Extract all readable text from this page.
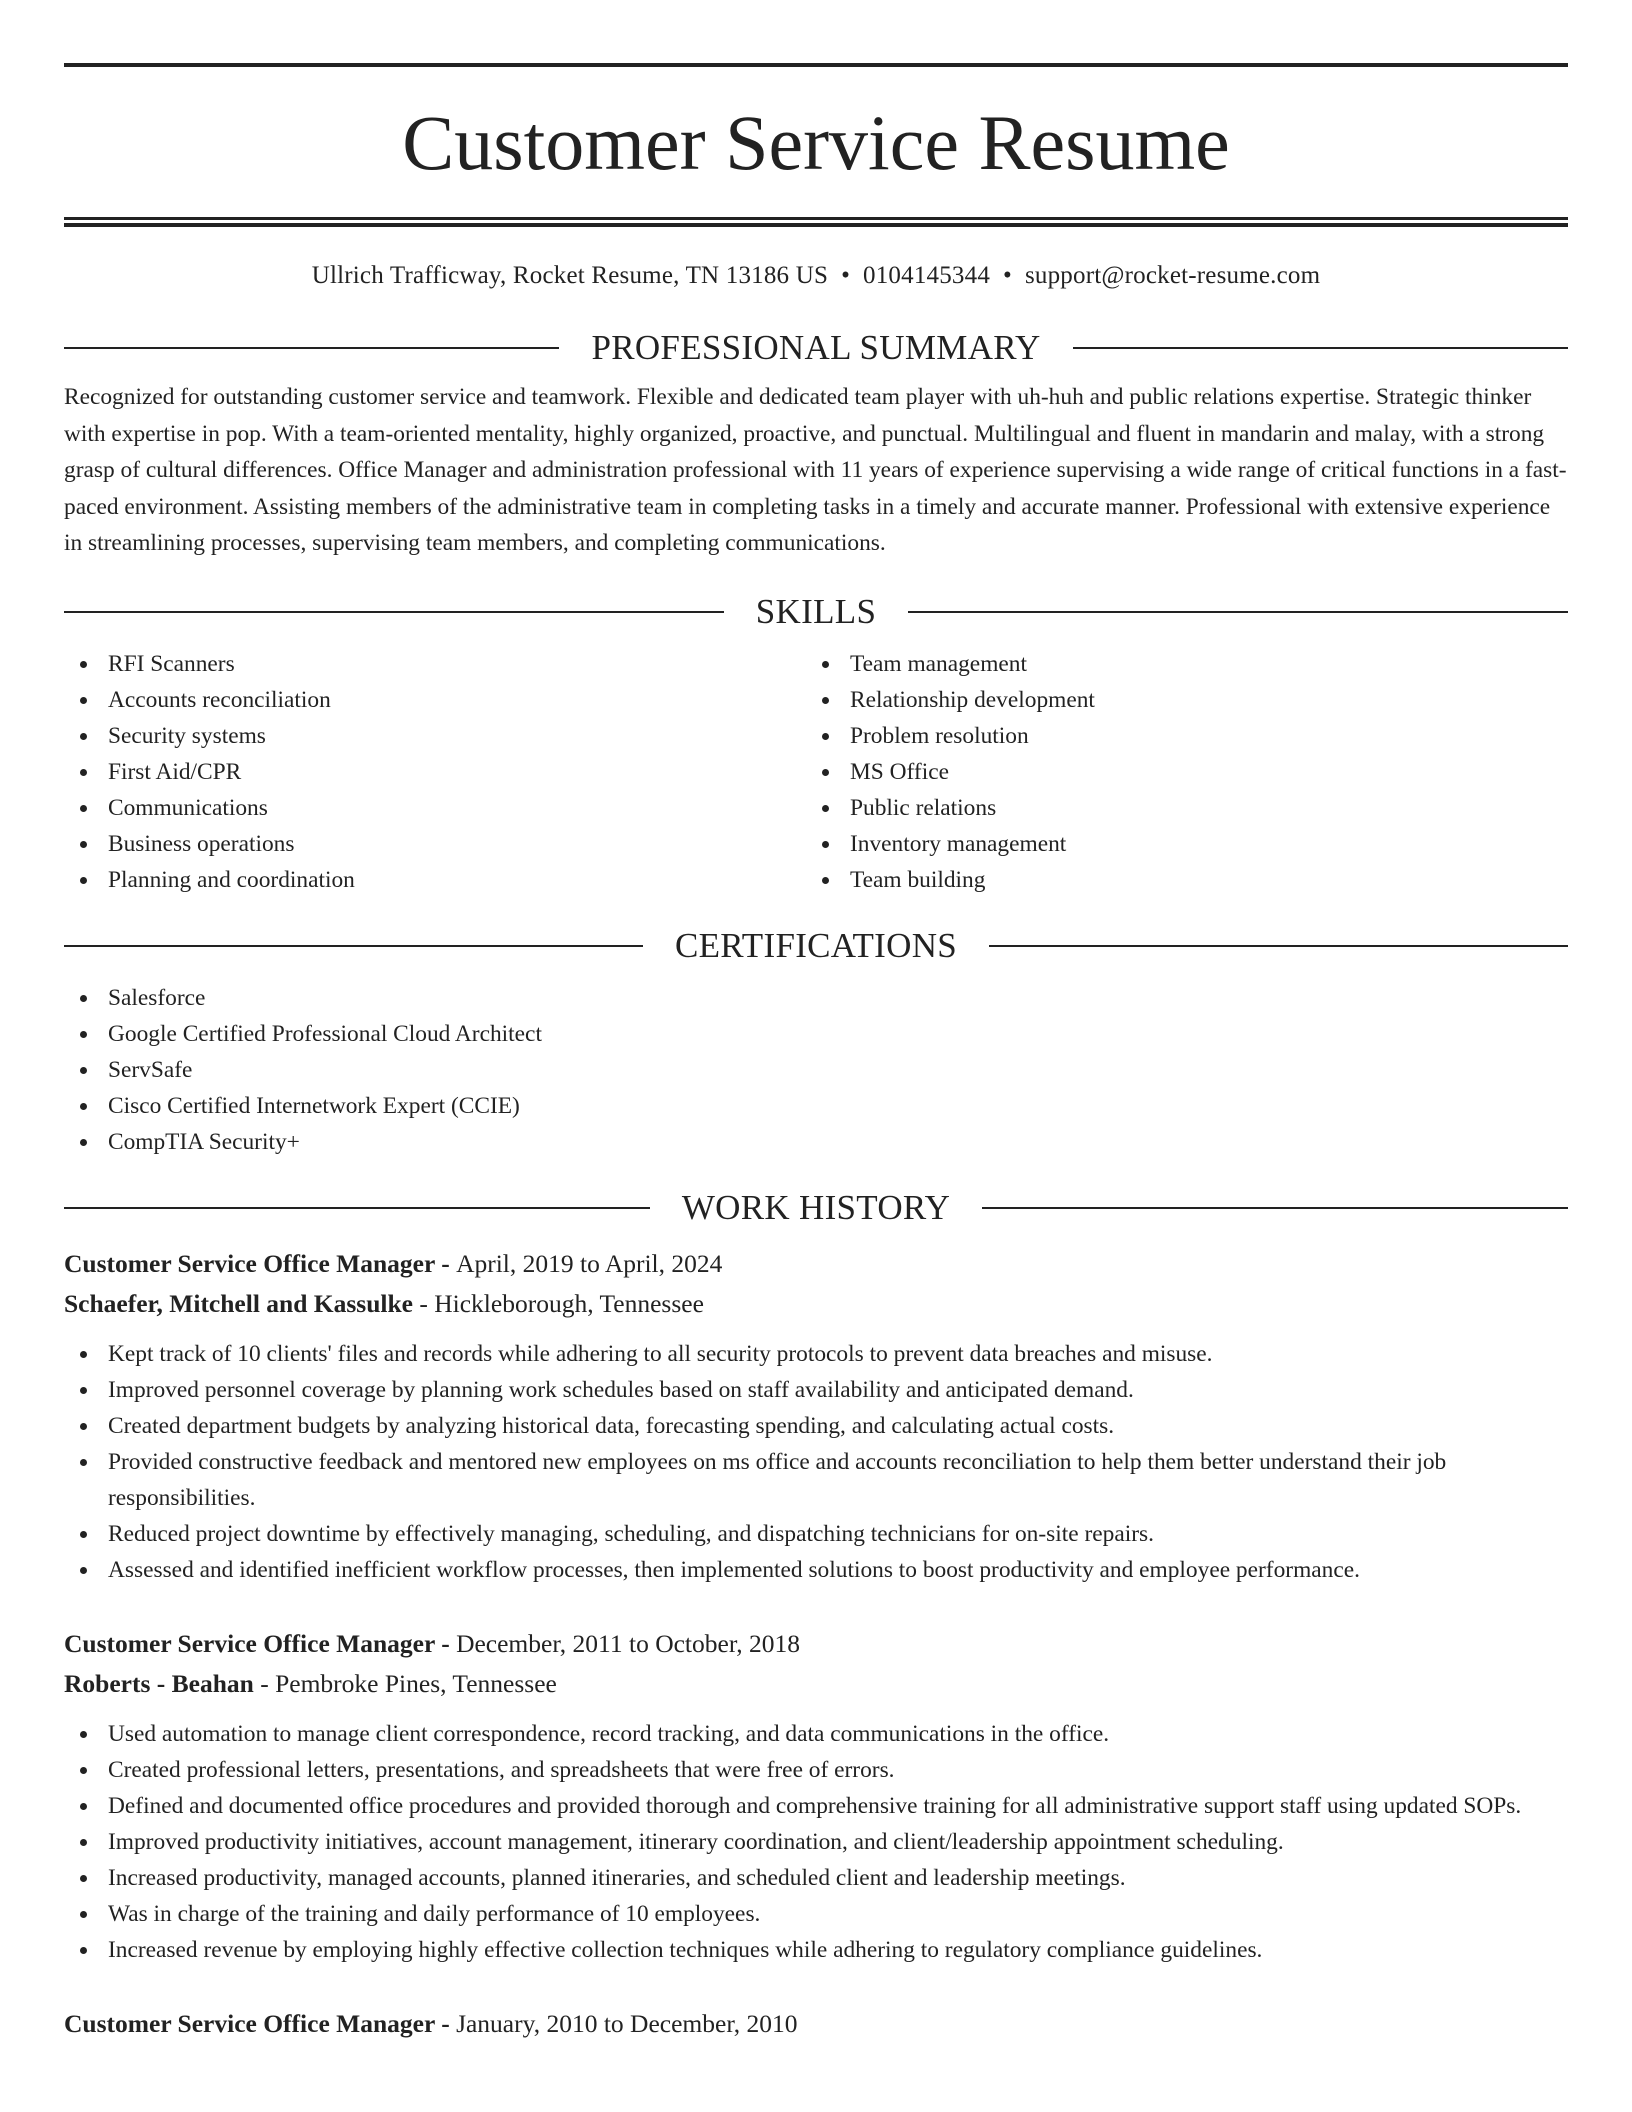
Customer Service Resume
Ullrich Trafficway, Rocket Resume, TN 13186 US • 0104145344 • support@rocket-resume.com
PROFESSIONAL SUMMARY

Recognized for outstanding customer service and teamwork. Flexible and dedicated team player with uh-huh and public relations expertise. Strategic thinker with expertise in pop. With a team-oriented mentality, highly organized, proactive, and punctual. Multilingual and fluent in mandarin and malay, with a strong grasp of cultural differences. Office Manager and administration professional with 11 years of experience supervising a wide range of critical functions in a fast-paced environment. Assisting members of the administrative team in completing tasks in a timely and accurate manner. Professional with extensive experience in streamlining processes, supervising team members, and completing communications.

SKILLS
RFI Scanners
Accounts reconciliation
Security systems
First Aid/CPR
Communications
Business operations
Planning and coordination
Team management
Relationship development
Problem resolution
MS Office
Public relations
Inventory management
Team building
CERTIFICATIONS
Salesforce
Google Certified Professional Cloud Architect
ServSafe
Cisco Certified Internetwork Expert (CCIE)
CompTIA Security+
WORK HISTORY
Customer Service Office Manager - April, 2019 to April, 2024
Schaefer, Mitchell and Kassulke - Hickleborough, Tennessee
Kept track of 10 clients' files and records while adhering to all security protocols to prevent data breaches and misuse.
Improved personnel coverage by planning work schedules based on staff availability and anticipated demand.
Created department budgets by analyzing historical data, forecasting spending, and calculating actual costs.
Provided constructive feedback and mentored new employees on ms office and accounts reconciliation to help them better understand their job responsibilities.
Reduced project downtime by effectively managing, scheduling, and dispatching technicians for on-site repairs.
Assessed and identified inefficient workflow processes, then implemented solutions to boost productivity and employee performance.
Customer Service Office Manager - December, 2011 to October, 2018
Roberts - Beahan - Pembroke Pines, Tennessee
Used automation to manage client correspondence, record tracking, and data communications in the office.
Created professional letters, presentations, and spreadsheets that were free of errors.
Defined and documented office procedures and provided thorough and comprehensive training for all administrative support staff using updated SOPs.
Improved productivity initiatives, account management, itinerary coordination, and client/leadership appointment scheduling.
Increased productivity, managed accounts, planned itineraries, and scheduled client and leadership meetings.
Was in charge of the training and daily performance of 10 employees.
Increased revenue by employing highly effective collection techniques while adhering to regulatory compliance guidelines.
Customer Service Office Manager - January, 2010 to December, 2010
